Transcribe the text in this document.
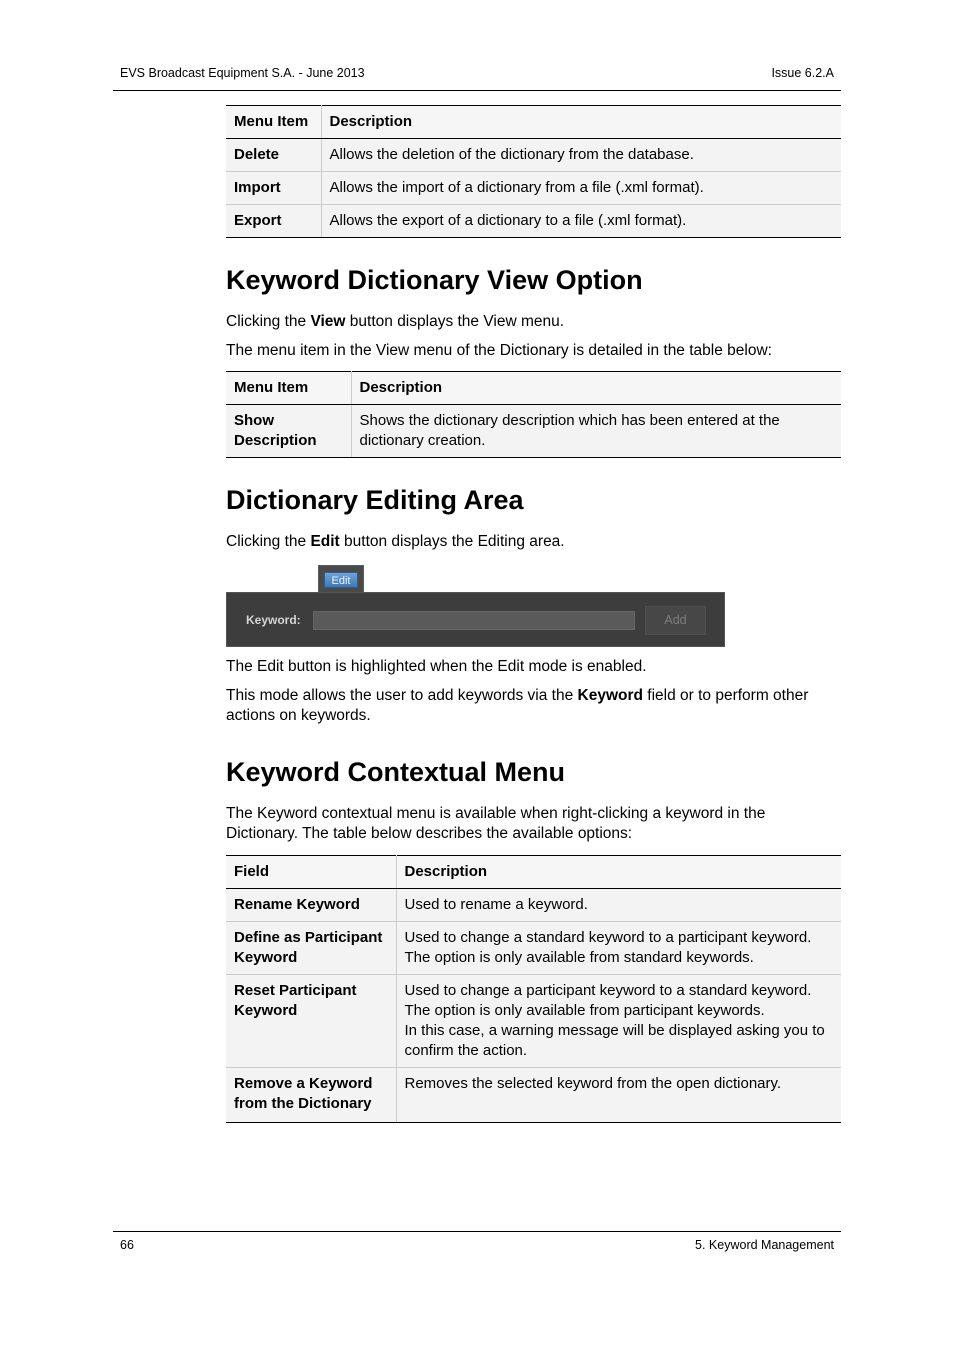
EVS Broadcast Equipment S.A. - June 2013	Issue 6.2.A
Menu Item	Description
Delete	Allows the deletion of the dictionary from the database.
Import	Allows the import of a dictionary from a file (.xml format).
Export	Allows the export of a dictionary to a file (.xml format).
Keyword Dictionary View Option

Clicking the View button displays the View menu.

The menu item in the View menu of the Dictionary is detailed in the table below:

Menu Item	Description
Show Description	Shows the dictionary description which has been entered at the dictionary creation.
Dictionary Editing Area

Clicking the Edit button displays the Editing area.

Edit
Keyword:	Add

The Edit button is highlighted when the Edit mode is enabled.

This mode allows the user to add keywords via the Keyword field or to perform other actions on keywords.

Keyword Contextual Menu

The Keyword contextual menu is available when right-clicking a keyword in the Dictionary. The table below describes the available options:

Field	Description
Rename Keyword	Used to rename a keyword.

Define as Participant Keyword	Used to change a standard keyword to a participant keyword. The option is only available from standard keywords.

Reset Participant Keyword	Used to change a participant keyword to a standard keyword. The option is only available from participant keywords.
In this case, a warning message will be displayed asking you to confirm the action.

Remove a Keyword from the Dictionary	Removes the selected keyword from the open dictionary.
66	5. Keyword Management
